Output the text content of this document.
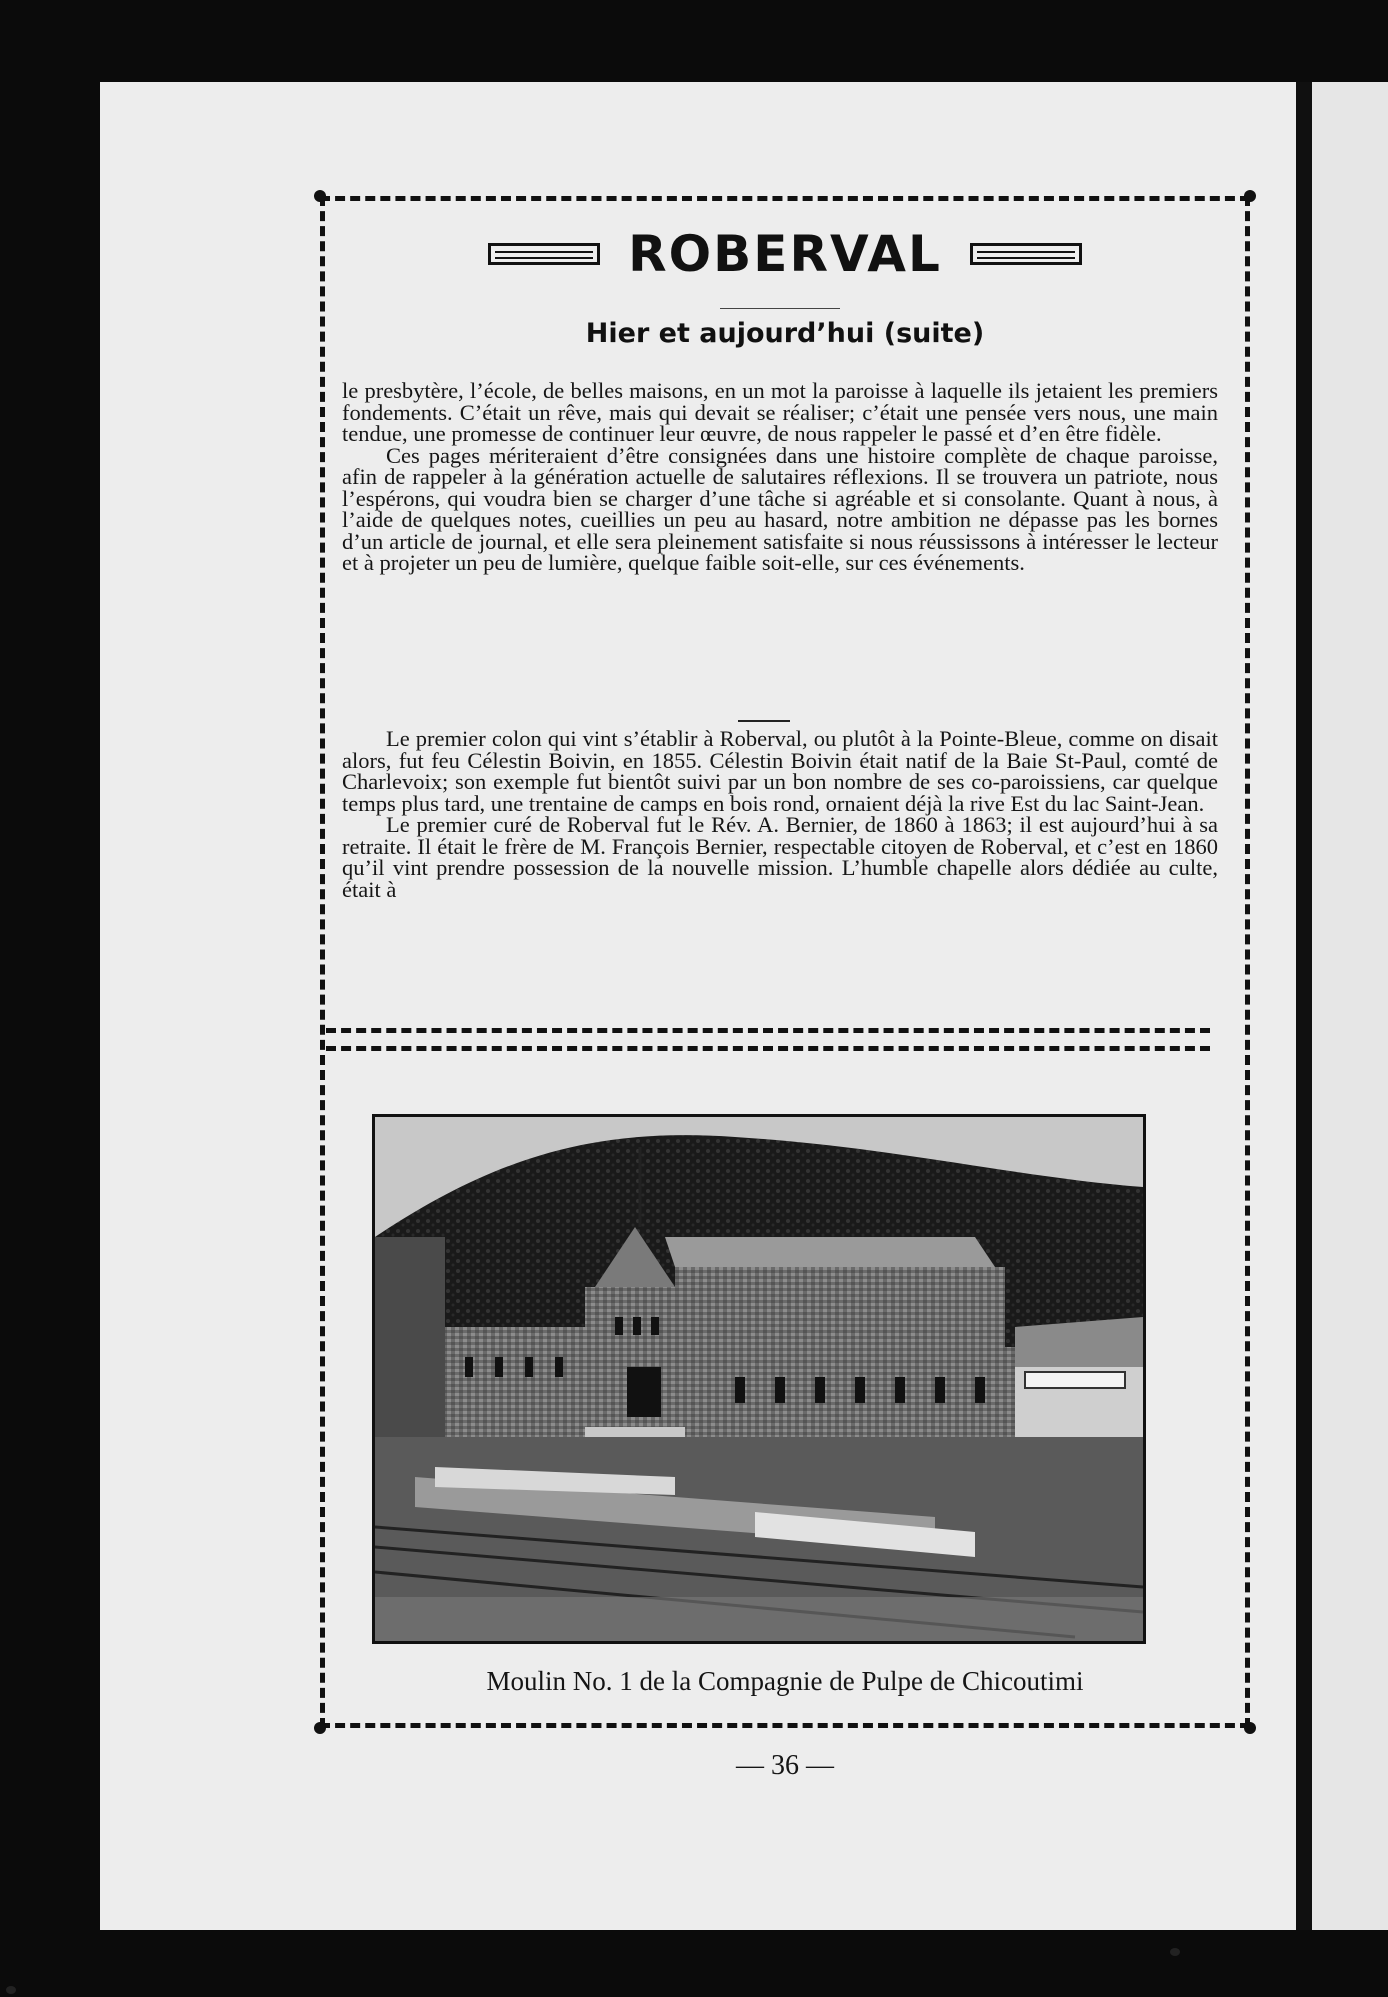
ROBERVAL
Hier et aujourd’hui (suite)

le presbytère, l’école, de belles maisons, en un mot la paroisse à laquelle ils jetaient les premiers fondements. C’était un rêve, mais qui devait se réaliser; c’était une pensée vers nous, une main tendue, une promesse de continuer leur œuvre, de nous rappeler le passé et d’en être fidèle.

Ces pages mériteraient d’être consignées dans une histoire complète de chaque paroisse, afin de rappeler à la génération actuelle de salutaires réflexions. Il se trouvera un patriote, nous l’espérons, qui voudra bien se charger d’une tâche si agréable et si consolante. Quant à nous, à l’aide de quelques notes, cueillies un peu au hasard, notre ambition ne dépasse pas les bornes d’un article de journal, et elle sera pleinement satisfaite si nous réussissons à intéresser le lecteur et à projeter un peu de lumière, quelque faible soit-elle, sur ces événements.

Le premier colon qui vint s’établir à Roberval, ou plutôt à la Pointe-Bleue, comme on disait alors, fut feu Célestin Boivin, en 1855. Célestin Boivin était natif de la Baie St-Paul, comté de Charlevoix; son exemple fut bientôt suivi par un bon nombre de ses co-paroissiens, car quelque temps plus tard, une trentaine de camps en bois rond, ornaient déjà la rive Est du lac Saint-Jean.

Le premier curé de Roberval fut le Rév. A. Bernier, de 1860 à 1863; il est aujourd’hui à sa retraite. Il était le frère de M. François Bernier, respectable citoyen de Roberval, et c’est en 1860 qu’il vint prendre possession de la nouvelle mission. L’humble chapelle alors dédiée au culte, était à

Moulin No. 1 de la Compagnie de Pulpe de Chicoutimi
— 36 —
